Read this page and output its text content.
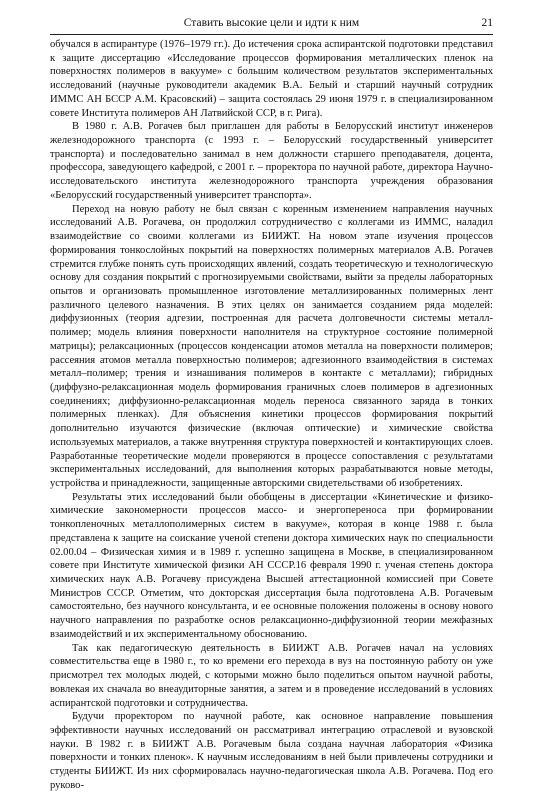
Ставить высокие цели и идти к ним	21

обучался в аспирантуре (1976–1979 гг.). До истечения срока аспирантской подготовки представил к защите диссертацию «Исследование процессов формирования металлических пленок на поверхностях полимеров в вакууме» с большим количеством результатов экспериментальных исследований (научные руководители академик В.А. Белый и старший научный сотрудник ИММС АН БССР А.М. Красовский) – защита состоялась 29 июня 1979 г. в специализированном совете Института полимеров АН Латвийской ССР, в г. Рига).

В 1980 г. А.В. Рогачев был приглашен для работы в Белорусский институт инженеров железнодорожного транспорта (с 1993 г. – Белорусский государственный университет транспорта) и последовательно занимал в нем должности старшего преподавателя, доцента, профессора, заведующего кафедрой, с 2001 г. – проректора по научной работе, директора Научно-исследовательского института железнодорожного транспорта учреждения образования «Белорусский государственный университет транспорта».

Переход на новую работу не был связан с коренным изменением направления научных исследований А.В. Рогачева, он продолжил сотрудничество с коллегами из ИММС, наладил взаимодействие со своими коллегами из БИИЖТ. На новом этапе изучения процессов формирования тонкослойных покрытий на поверхностях полимерных материалов А.В. Рогачев стремится глубже понять суть происходящих явлений, создать теоретическую и технологическую основу для создания покрытий с прогнозируемыми свойствами, выйти за пределы лабораторных опытов и организовать промышленное изготовление металлизированных полимерных лент различного целевого назначения. В этих целях он занимается созданием ряда моделей: диффузионных (теория адгезии, построенная для расчета долговечности системы металл-полимер; модель влияния поверхности наполнителя на структурное состояние полимерной матрицы); релаксационных (процессов конденсации атомов металла на поверхности полимеров; рассеяния атомов металла поверхностью полимеров; адгезионного взаимодействия в системах металл–полимер; трения и изнашивания полимеров в контакте с металлами); гибридных (диффузно-релаксационная модель формирования граничных слоев полимеров в адгезионных соединениях; диффузионно-релаксационная модель переноса связанного заряда в тонких полимерных пленках). Для объяснения кинетики процессов формирования покрытий дополнительно изучаются физические (включая оптические) и химические свойства используемых материалов, а также внутренняя структура поверхностей и контактирующих слоев. Разработанные теоретические модели проверяются в процессе сопоставления с результатами экспериментальных исследований, для выполнения которых разрабатываются новые методы, устройства и принадлежности, защищенные авторскими свидетельствами об изобретениях.

Результаты этих исследований были обобщены в диссертации «Кинетические и физико-химические закономерности процессов массо- и энергопереноса при формировании тонкопленочных металлополимерных систем в вакууме», которая в конце 1988 г. была представлена к защите на соискание ученой степени доктора химических наук по специальности 02.00.04 – Физическая химия и в 1989 г. успешно защищена в Москве, в специализированном совете при Институте химической физики АН СССР.16 февраля 1990 г. ученая степень доктора химических наук А.В. Рогачеву присуждена Высшей аттестационной комиссией при Совете Министров СССР. Отметим, что докторская диссертация была подготовлена А.В. Рогачевым самостоятельно, без научного консультанта, и ее основные положения положены в основу нового научного направления по разработке основ релаксационно-диффузионной теории межфазных взаимодействий и их экспериментальному обоснованию.

Так как педагогическую деятельность в БИИЖТ А.В. Рогачев начал на условиях совместительства еще в 1980 г., то ко времени его перехода в вуз на постоянную работу он уже присмотрел тех молодых людей, с которыми можно было поделиться опытом научной работы, вовлекая их сначала во внеаудиторные занятия, а затем и в проведение исследований в условиях аспирантской подготовки и сотрудничества.

Будучи проректором по научной работе, как основное направление повышения эффективности научных исследований он рассматривал интеграцию отраслевой и вузовской науки. В 1982 г. в БИИЖТ А.В. Рогачевым была создана научная лаборатория «Физика поверхности и тонких пленок». К научным исследованиям в ней были привлечены сотрудники и студенты БИИЖТ. Из них сформировалась научно-педагогическая школа А.В. Рогачева. Под его руково-
